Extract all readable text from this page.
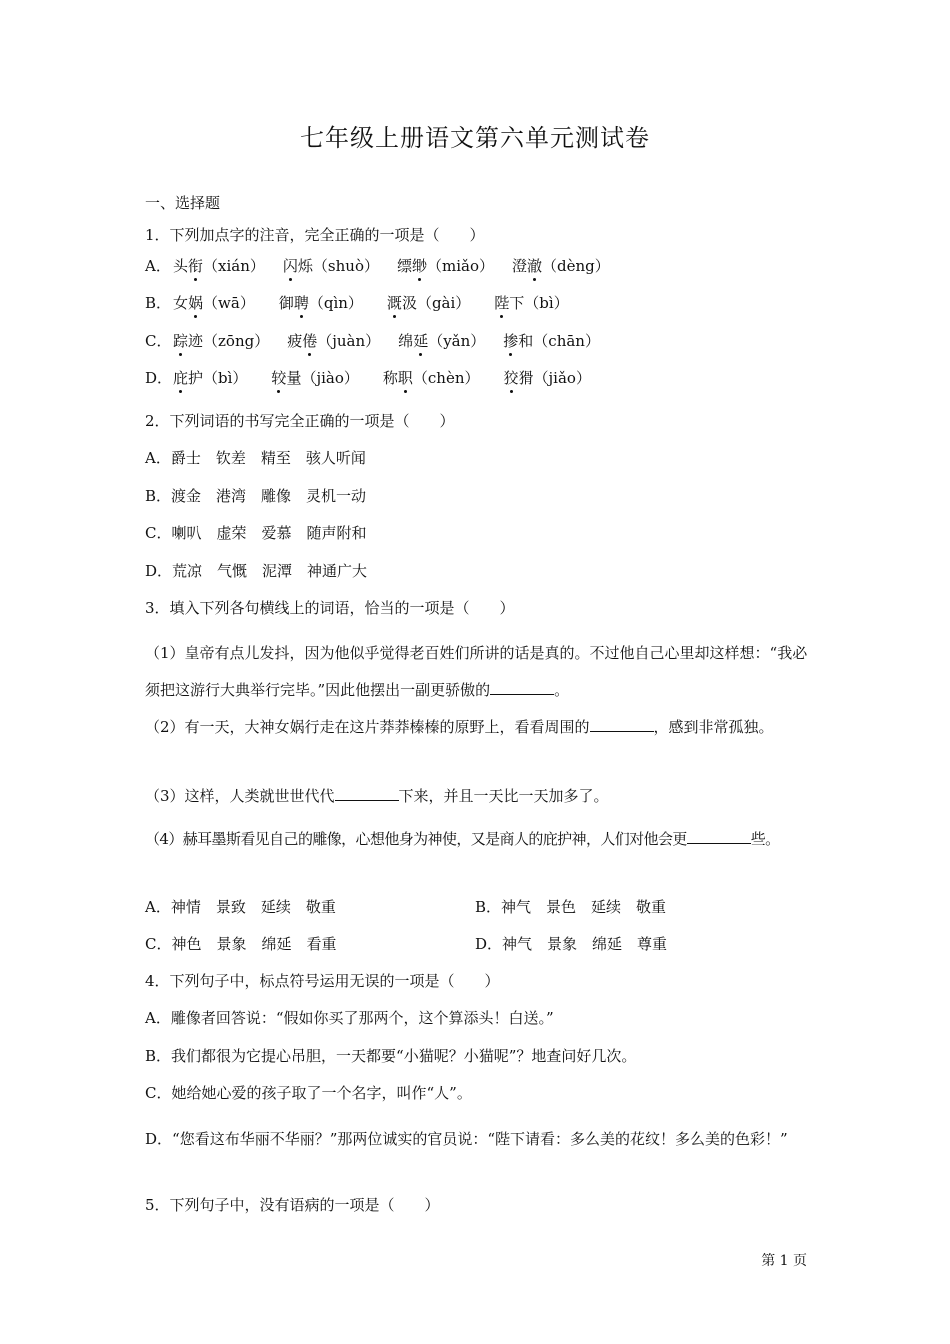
七年级上册语文第六单元测试卷
一、选择题
1．下列加点字的注音，完全正确的一项是（　　）
A． 头衔（xián） 闪烁（shuò） 缥缈（miǎo） 澄澈（dèng）
B． 女娲（wā） 御聘（qìn） 溉汲（gài） 陛下（bì）
C． 踪迹（zōng） 疲倦（juàn） 绵延（yǎn） 掺和（chān）
D．庇护（bì） 较量（jiào） 称职（chèn） 狡猾（jiǎo）
2．下列词语的书写完全正确的一项是（　　）
A．爵士　钦差　精至　骇人听闻
B．渡金　港湾　雕像　灵机一动
C．喇叭　虚荣　爱慕　随声附和
D．荒凉　气慨　泥潭　神通广大
3．填入下列各句横线上的词语，恰当的一项是（　　）
（1）皇帝有点儿发抖，因为他似乎觉得老百姓们所讲的话是真的。不过他自己心里却这样想：“我必须把这游行大典举行完毕。”因此他摆出一副更骄傲的	。
（2）有一天，大神女娲行走在这片莽莽榛榛的原野上，看看周围的	，感到非常孤独。
（3）这样，人类就世世代代	下来，并且一天比一天加多了。
（4）赫耳墨斯看见自己的雕像，心想他身为神使，又是商人的庇护神，人们对他会更	些。
A．神情　景致　延续　敬重	B．神气　景色　延续　敬重
C．神色　景象　绵延　看重	D．神气　景象　绵延　尊重
4．下列句子中，标点符号运用无误的一项是（　　）
A．雕像者回答说：“假如你买了那两个，这个算添头！白送。”
B．我们都很为它提心吊胆，一天都要“小猫呢？小猫呢”？地查问好几次。
C．她给她心爱的孩子取了一个名字，叫作“人”。
D．“您看这布华丽不华丽？”那两位诚实的官员说：“陛下请看：多么美的花纹！多么美的色彩！”
5．下列句子中，没有语病的一项是（　　）
第 1 页
